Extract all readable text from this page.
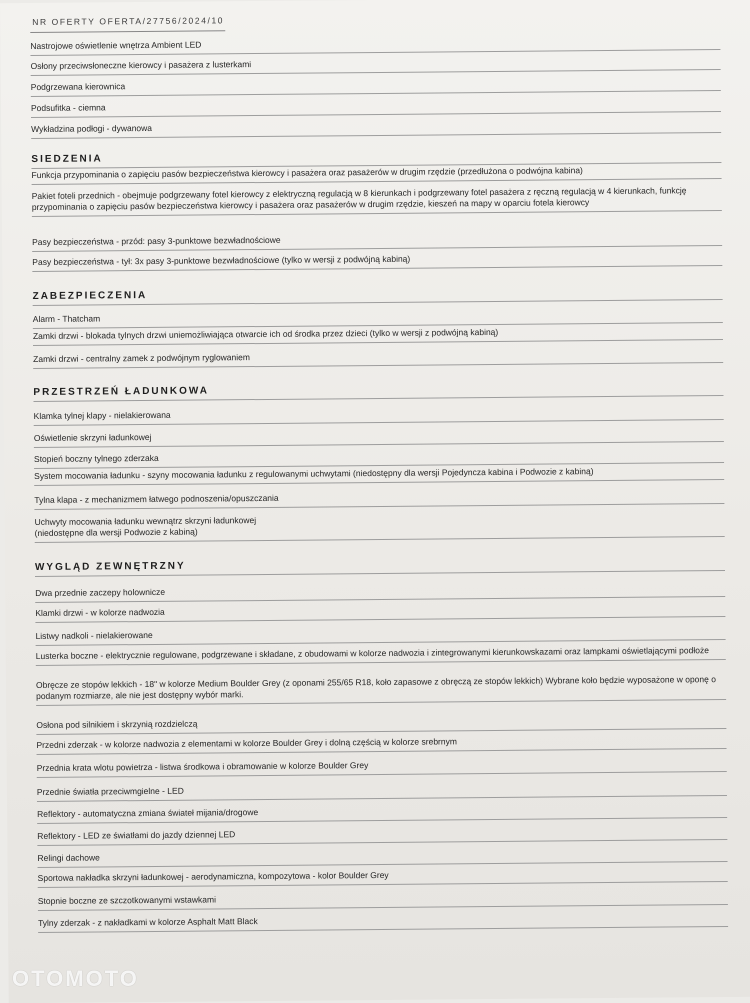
NR OFERTY OFERTA/27756/2024/10
Nastrojowe oświetlenie wnętrza Ambient LED
Osłony przeciwsłoneczne kierowcy i pasażera z lusterkami
Podgrzewana kierownica
Podsufitka - ciemna
Wykładzina podłogi - dywanowa
SIEDZENIA
Funkcja przypominania o zapięciu pasów bezpieczeństwa kierowcy i pasażera oraz pasażerów w drugim rzędzie (przedłużona o podwójna kabina)
Pakiet foteli przednich - obejmuje podgrzewany fotel kierowcy z elektryczną regulacją w 8 kierunkach i podgrzewany fotel pasażera z ręczną regulacją w 4 kierunkach, funkcję przypominania o zapięciu pasów bezpieczeństwa kierowcy i pasażera oraz pasażerów w drugim rzędzie, kieszeń na mapy w oparciu fotela kierowcy
Pasy bezpieczeństwa - przód: pasy 3-punktowe bezwładnościowe
Pasy bezpieczeństwa - tył: 3x pasy 3-punktowe bezwładnościowe (tylko w wersji z podwójną kabiną)
ZABEZPIECZENIA
Alarm - Thatcham
Zamki drzwi - blokada tylnych drzwi uniemożliwiająca otwarcie ich od środka przez dzieci (tylko w wersji z podwójną kabiną)
Zamki drzwi - centralny zamek z podwójnym ryglowaniem
PRZESTRZEŃ ŁADUNKOWA
Klamka tylnej klapy - nielakierowana
Oświetlenie skrzyni ładunkowej
Stopień boczny tylnego zderzaka
System mocowania ładunku - szyny mocowania ładunku z regulowanymi uchwytami (niedostępny dla wersji Pojedyncza kabina i Podwozie z kabiną)
Tylna klapa - z mechanizmem łatwego podnoszenia/opuszczania
Uchwyty mocowania ładunku wewnątrz skrzyni ładunkowej
(niedostępne dla wersji Podwozie z kabiną)
WYGLĄD ZEWNĘTRZNY
Dwa przednie zaczepy holownicze
Klamki drzwi - w kolorze nadwozia
Listwy nadkoli - nielakierowane
Lusterka boczne - elektrycznie regulowane, podgrzewane i składane, z obudowami w kolorze nadwozia i zintegrowanymi kierunkowskazami oraz lampkami oświetlającymi podłoże
Obręcze ze stopów lekkich - 18" w kolorze Medium Boulder Grey (z oponami 255/65 R18, koło zapasowe z obręczą ze stopów lekkich) Wybrane koło będzie wyposażone w oponę o podanym rozmiarze, ale nie jest dostępny wybór marki.
Osłona pod silnikiem i skrzynią rozdzielczą
Przedni zderzak - w kolorze nadwozia z elementami w kolorze Boulder Grey i dolną częścią w kolorze srebrnym
Przednia krata wlotu powietrza - listwa środkowa i obramowanie w kolorze Boulder Grey
Przednie światła przeciwmgielne - LED
Reflektory - automatyczna zmiana świateł mijania/drogowe
Reflektory - LED ze światłami do jazdy dziennej LED
Relingi dachowe
Sportowa nakładka skrzyni ładunkowej - aerodynamiczna, kompozytowa - kolor Boulder Grey
Stopnie boczne ze szczotkowanymi wstawkami
Tylny zderzak - z nakładkami w kolorze Asphalt Matt Black
OTOMOTO
